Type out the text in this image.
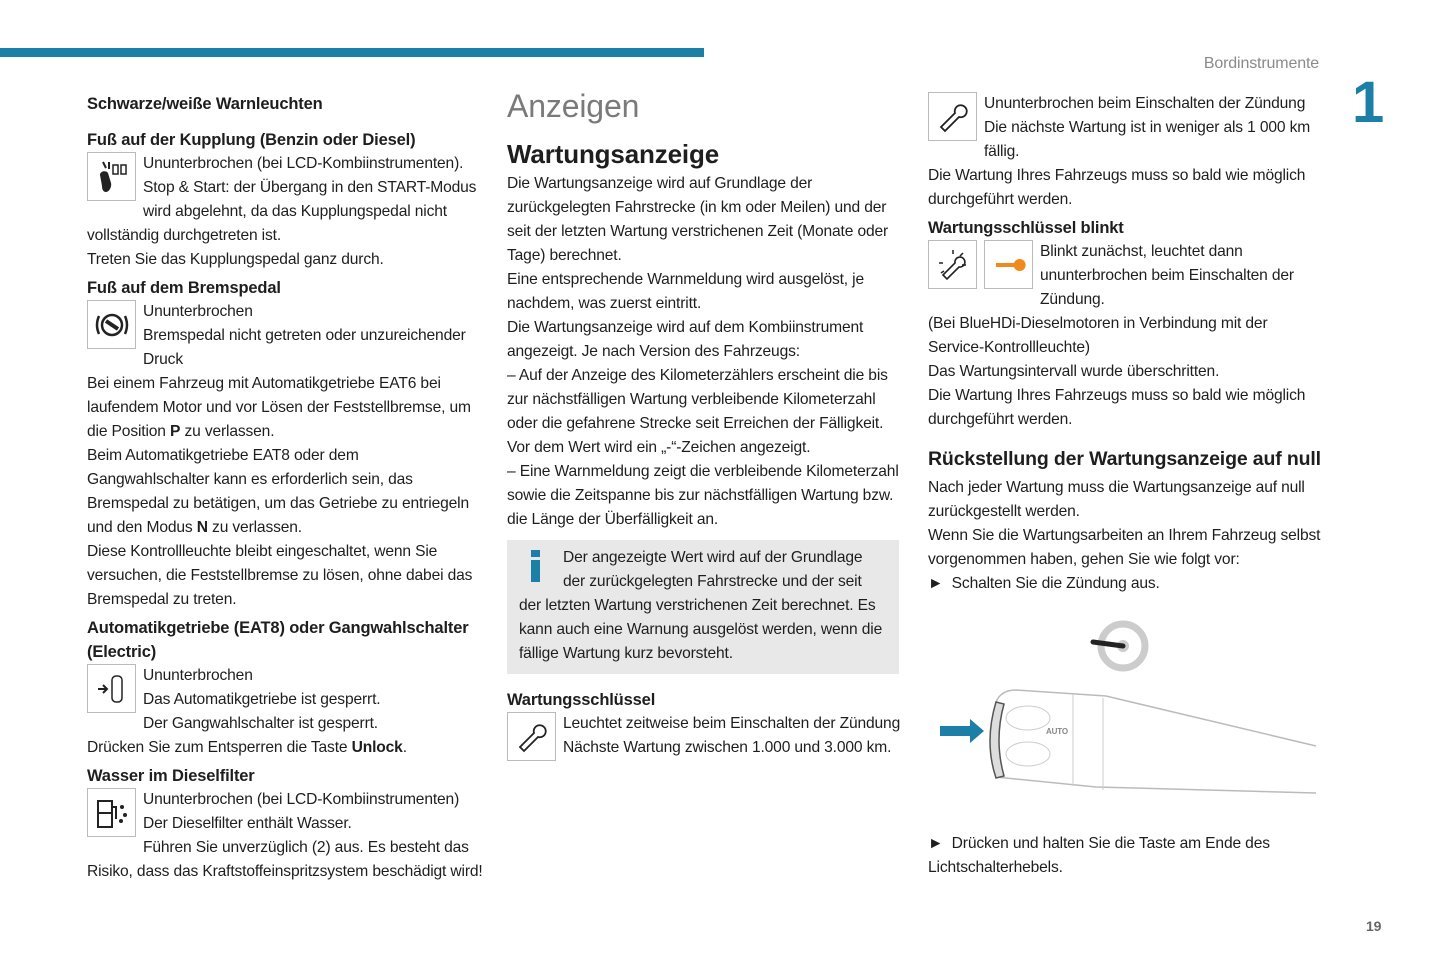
Bordinstrumente
1
19
Schwarze/weiße Warnleuchten
Fuß auf der Kupplung (Benzin oder Diesel)

Ununterbrochen (bei LCD-Kombiinstrumenten).

Stop & Start: der Übergang in den START-Modus wird abgelehnt, da das Kupplungspedal nicht vollständig durchgetreten ist.

Treten Sie das Kupplungspedal ganz durch.

Fuß auf dem Bremspedal

Ununterbrochen

Bremspedal nicht getreten oder unzureichender Druck

Bei einem Fahrzeug mit Automatikgetriebe EAT6 bei laufendem Motor und vor Lösen der Feststellbremse, um die Position P zu verlassen.

Beim Automatikgetriebe EAT8 oder dem Gangwahlschalter kann es erforderlich sein, das Bremspedal zu betätigen, um das Getriebe zu entriegeln und den Modus N zu verlassen.

Diese Kontrollleuchte bleibt eingeschaltet, wenn Sie versuchen, die Feststellbremse zu lösen, ohne dabei das Bremspedal zu treten.

Automatikgetriebe (EAT8) oder Gangwahlschalter (Electric)

Ununterbrochen

Das Automatikgetriebe ist gesperrt.

Der Gangwahlschalter ist gesperrt.

Drücken Sie zum Entsperren die Taste Unlock.

Wasser im Dieselfilter

Ununterbrochen (bei LCD-Kombiinstrumenten)

Der Dieselfilter enthält Wasser.

Führen Sie unverzüglich (2) aus. Es besteht das Risiko, dass das Kraftstoffeinspritzsystem beschädigt wird!

Anzeigen
Wartungsanzeige

Die Wartungsanzeige wird auf Grundlage der zurückgelegten Fahrstrecke (in km oder Meilen) und der seit der letzten Wartung verstrichenen Zeit (Monate oder Tage) berechnet.

Eine entsprechende Warnmeldung wird ausgelöst, je nachdem, was zuerst eintritt.

Die Wartungsanzeige wird auf dem Kombiinstrument angezeigt. Je nach Version des Fahrzeugs:

– Auf der Anzeige des Kilometerzählers erscheint die bis zur nächstfälligen Wartung verbleibende Kilometerzahl oder die gefahrene Strecke seit Erreichen der Fälligkeit. Vor dem Wert wird ein „-“-Zeichen angezeigt.

– Eine Warnmeldung zeigt die verbleibende Kilometerzahl sowie die Zeitspanne bis zur nächstfälligen Wartung bzw. die Länge der Überfälligkeit an.

Der angezeigte Wert wird auf der Grundlage der zurückgelegten Fahrstrecke und der seit der letzten Wartung verstrichenen Zeit berechnet. Es kann auch eine Warnung ausgelöst werden, wenn die fällige Wartung kurz bevorsteht.

Wartungsschlüssel

Leuchtet zeitweise beim Einschalten der Zündung

Nächste Wartung zwischen 1.000 und 3.000 km.

Ununterbrochen beim Einschalten der Zündung

Die nächste Wartung ist in weniger als 1 000 km fällig.

Die Wartung Ihres Fahrzeugs muss so bald wie möglich durchgeführt werden.

Wartungsschlüssel blinkt

Blinkt zunächst, leuchtet dann ununterbrochen beim Einschalten der Zündung.

(Bei BlueHDi-Dieselmotoren in Verbindung mit der Service-Kontrollleuchte)

Das Wartungsintervall wurde überschritten.

Die Wartung Ihres Fahrzeugs muss so bald wie möglich durchgeführt werden.

Rückstellung der Wartungsanzeige auf null

Nach jeder Wartung muss die Wartungsanzeige auf null zurückgestellt werden.

Wenn Sie die Wartungsarbeiten an Ihrem Fahrzeug selbst vorgenommen haben, gehen Sie wie folgt vor:

► Schalten Sie die Zündung aus.

AUTO

► Drücken und halten Sie die Taste am Ende des Lichtschalterhebels.
